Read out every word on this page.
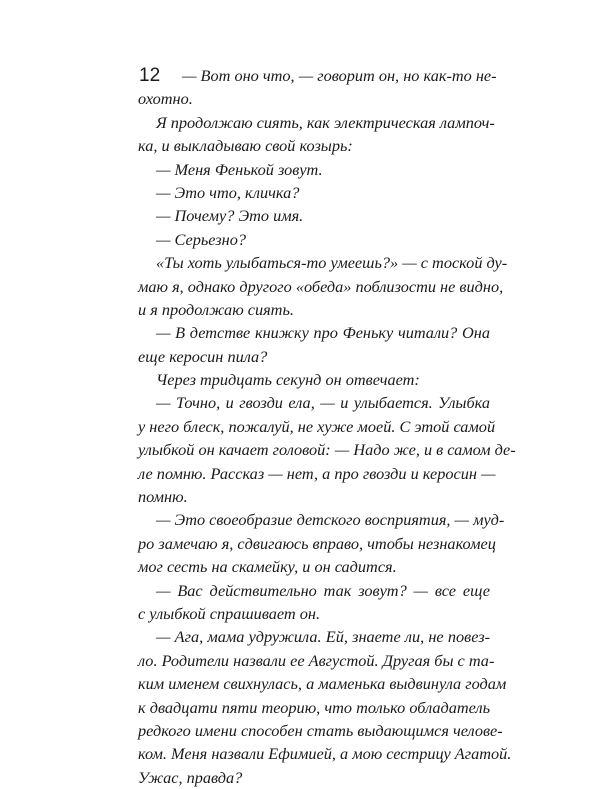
12	— Вот оно что, — говорит он, но как-то не-
охотно.
Я продолжаю сиять, как электрическая лампоч-
ка, и выкладываю свой козырь:
— Меня Фенькой зовут.
— Это что, кличка?
— Почему? Это имя.
— Серьезно?
«Ты хоть улыбаться-то умеешь?» — с тоской ду-
маю я, однако другого «обеда» поблизости не видно,
и я продолжаю сиять.
— В детстве книжку про Феньку читали? Она
еще керосин пила?
Через тридцать секунд он отвечает:
— Точно, и гвозди ела, — и улыбается. Улыбка
у него блеск, пожалуй, не хуже моей. С этой самой
улыбкой он качает головой: — Надо же, и в самом де-
ле помню. Рассказ — нет, а про гвозди и керосин —
помню.
— Это своеобразие детского восприятия, — муд-
ро замечаю я, сдвигаюсь вправо, чтобы незнакомец
мог сесть на скамейку, и он садится.
— Вас действительно так зовут? — все еще
с улыбкой спрашивает он.
— Ага, мама удружила. Ей, знаете ли, не повез-
ло. Родители назвали ее Августой. Другая бы с та-
ким именем свихнулась, а маменька выдвинула годам
к двадцати пяти теорию, что только обладатель
редкого имени способен стать выдающимся челове-
ком. Меня назвали Ефимией, а мою сестрицу Агатой.
Ужас, правда?
